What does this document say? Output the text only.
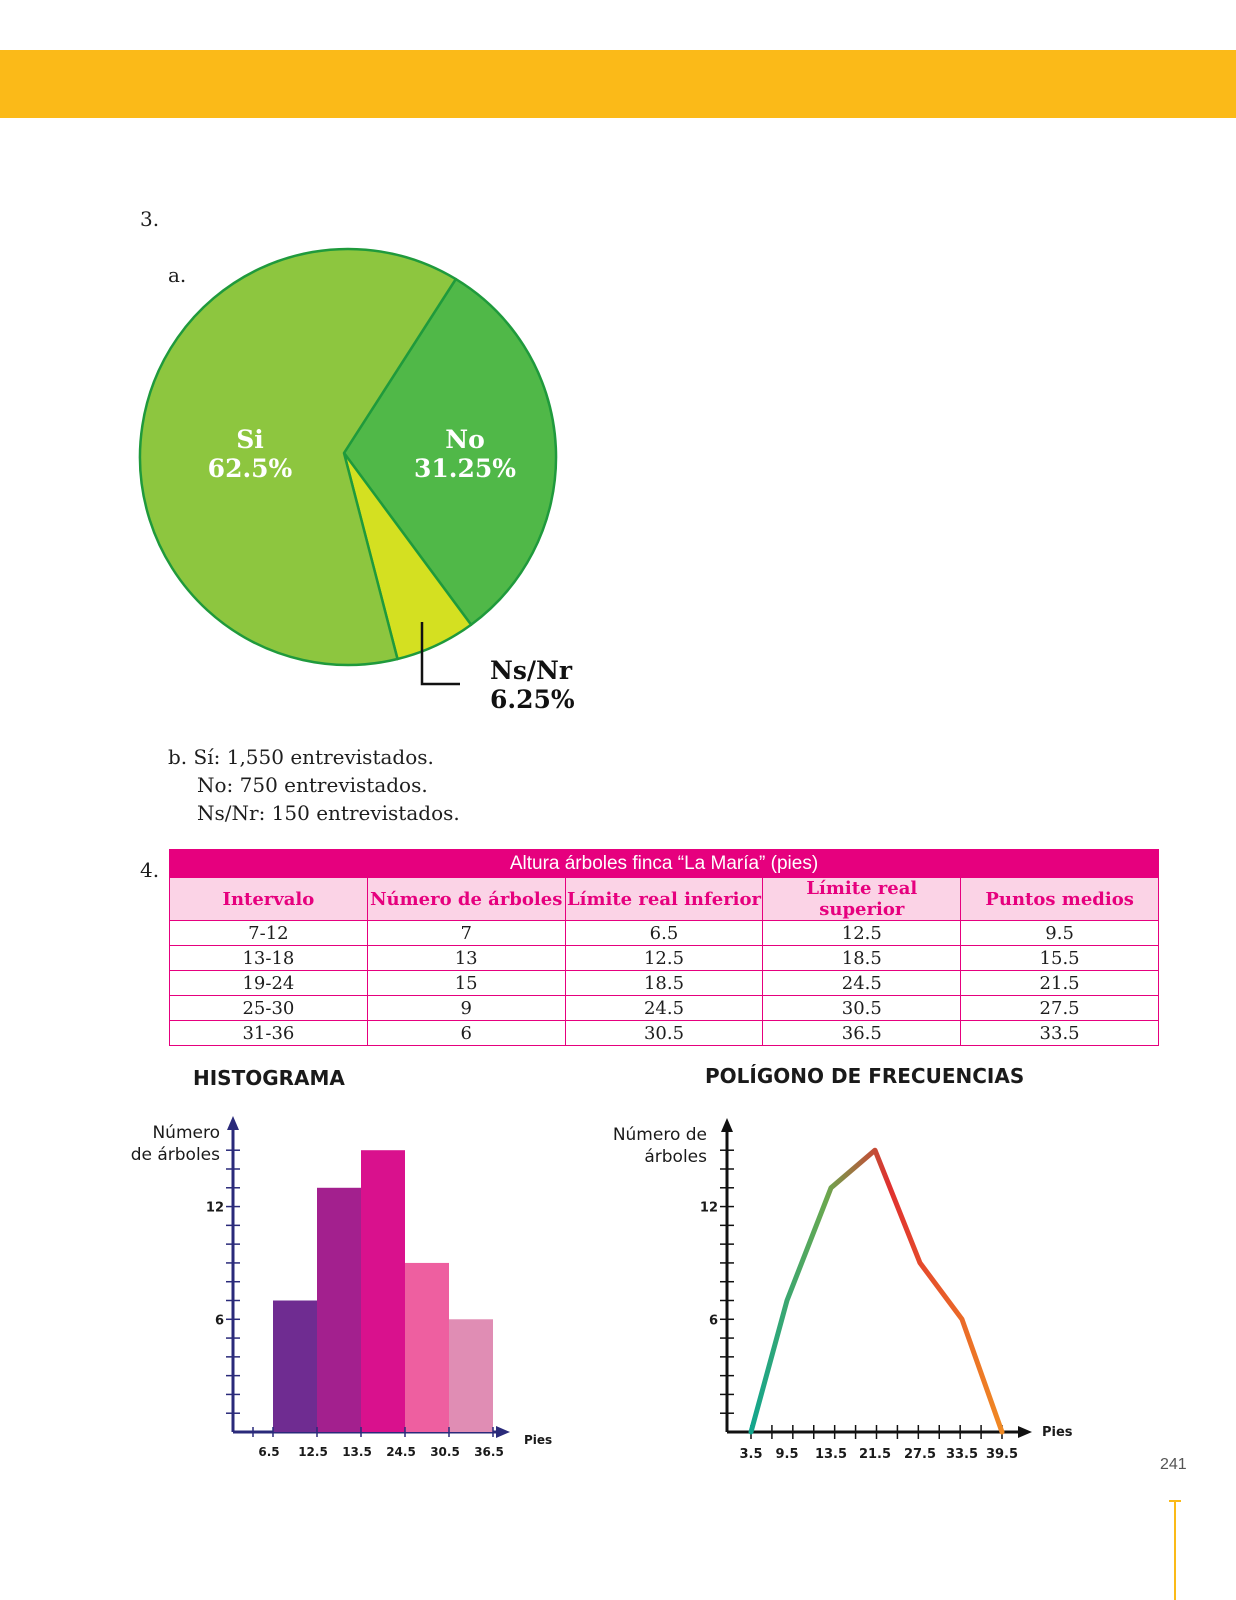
3.
a.
Si
62.5%
No
31.25%
Ns/Nr
6.25%
b. Sí: 1,550 entrevistados.
No: 750 entrevistados.
Ns/Nr: 150 entrevistados.
4.	Altura árboles finca “La María” (pies)				
Intervalo	Número de árboles	Límite real inferior	Límite real superior	Puntos medios
7-12	7	6.5	12.5	9.5
13-18	13	12.5	18.5	15.5
19-24	15	18.5	24.5	21.5
25-30	9	24.5	30.5	27.5
31-36	6	30.5	36.5	33.5
HISTOGRAMA
Número de árboles
6
12
6.5 12.5 13.5 24.5 30.5 36.5
Pies
POLÍGONO DE FRECUENCIAS
Número de árboles
6
12
3.5 9.5 13.5 21.5 27.5 33.5 39.5
Pies
241
